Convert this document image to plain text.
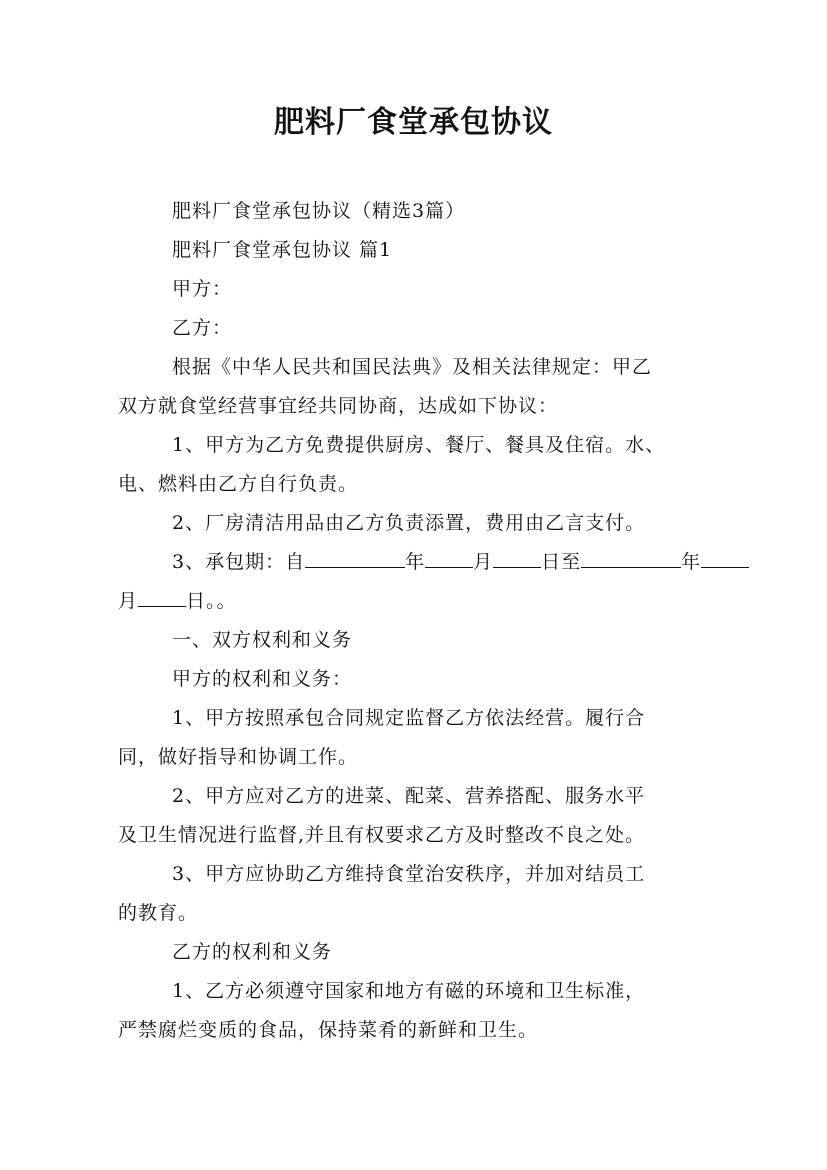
肥料厂食堂承包协议

肥料厂食堂承包协议（精选3篇）

肥料厂食堂承包协议 篇1

甲方：

乙方：

根据《中华人民共和国民法典》及相关法律规定：甲乙

双方就食堂经营事宜经共同协商，达成如下协议：

1、甲方为乙方免费提供厨房、餐厅、餐具及住宿。水、

电、燃料由乙方自行负责。

2、厂房清洁用品由乙方负责添置，费用由乙言支付。

3、承包期：自	年	月	日至	年

月	日。。

一、双方权利和义务

甲方的权利和义务：

1、甲方按照承包合同规定监督乙方依法经营。履行合

同，做好指导和协调工作。

2、甲方应对乙方的进菜、配菜、营养搭配、服务水平

及卫生情况进行监督,并且有权要求乙方及时整改不良之处。

3、甲方应协助乙方维持食堂治安秩序，并加对结员工

的教育。

乙方的权利和义务

1、乙方必须遵守国家和地方有磁的环境和卫生标准，

严禁腐烂变质的食品，保持菜肴的新鲜和卫生。
